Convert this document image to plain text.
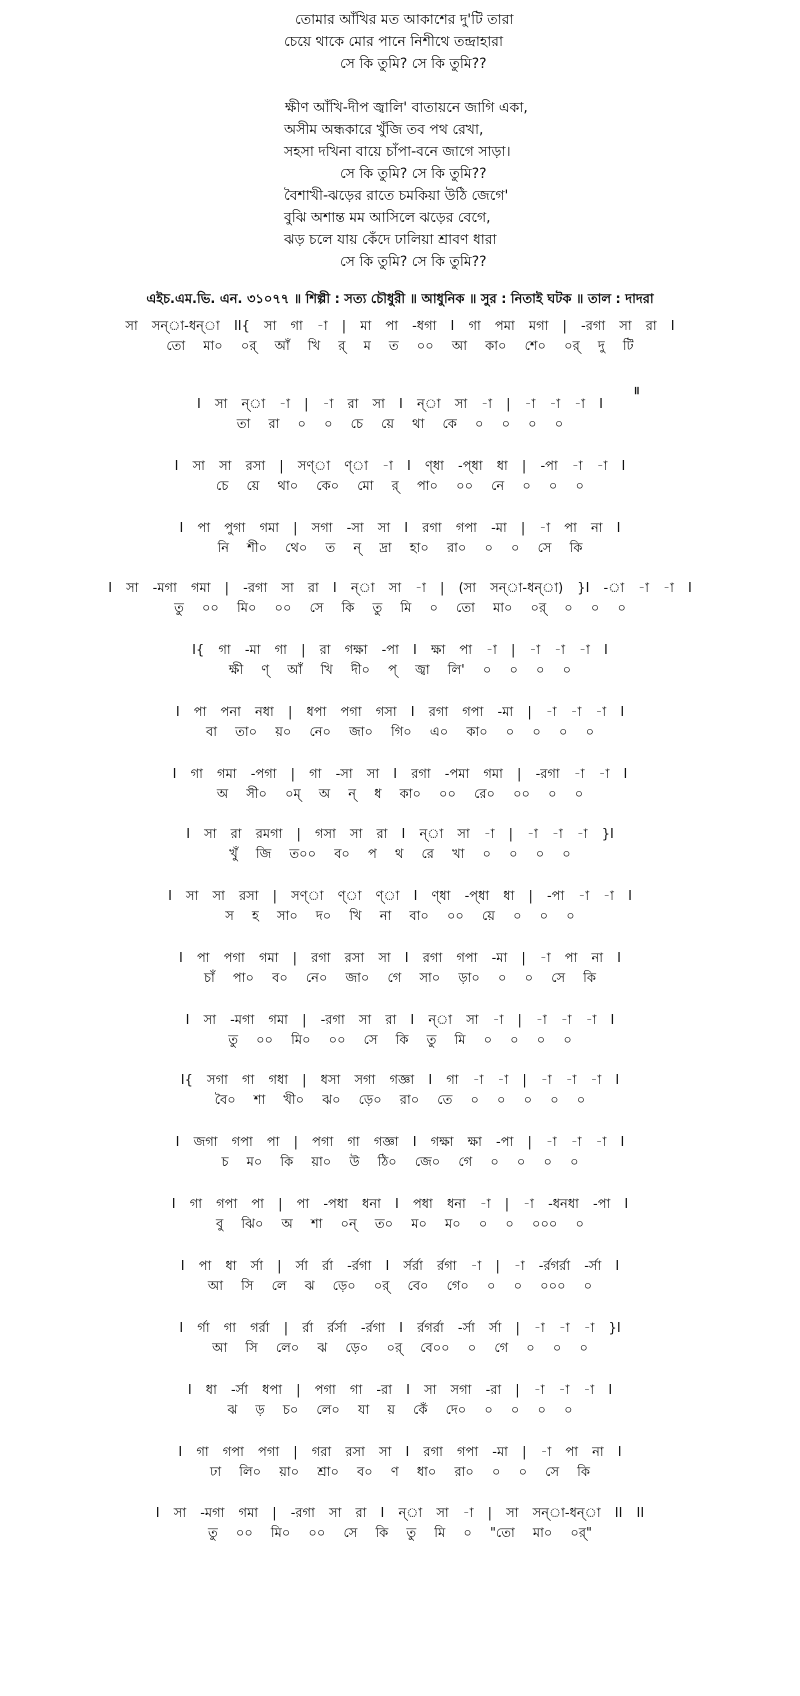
তোমার আঁখির মত আকাশের দু'টি তারা
চেয়ে থাকে মোর পানে নিশীথে তন্দ্রাহারা
সে কি তুমি? সে কি তুমি??
ক্ষীণ আঁখি-দীপ জ্বালি' বাতায়নে জাগি একা,
অসীম অন্ধকারে খুঁজি তব পথ রেখা,
সহসা দখিনা বায়ে চাঁপা-বনে জাগে সাড়া।
সে কি তুমি? সে কি তুমি??
বৈশাখী-ঝড়ের রাতে চমকিয়া উঠি জেগে'
বুঝি অশান্ত মম আসিলে ঝড়ের বেগে,
ঝড় চলে যায় কেঁদে ঢালিয়া শ্রাবণ ধারা
সে কি তুমি? সে কি তুমি??
এইচ.এম.ভি. এন. ৩১০৭৭ ॥ শিল্পী : সত্য চৌধুরী ॥ আধুনিক ॥ সুর : নিতাই ঘটক ॥ তাল : দাদরা
সা সন্া-ধন্া II{ সা গা -া | মা পা -ধগা I গা পমা মগা | -রগা সা রা I
তো মা০ ০র্ আঁ খি র্ ম ত ০০ আ কা০ শে০ ০র্ দু টি
I সা ন্া -া | -া রা সা I ন্া সা -া | -া -া -া I
তা রা ০ ০ চে য়ে থা কে ০ ০ ০ ০
I সা সা রসা | সণ্া ণ্া -া I ণ্ধা -প্ধা ধা | -পা -া -া I
চে য়ে থা০ কে০ মো র্ পা০ ০০ নে ০ ০ ০
I পা পুগা গমা | সগা -সা সা I রগা গপা -মা | -া পা না I
নি শী০ থে০ ত ন্ দ্রা হা০ রা০ ০ ০ সে কি
I সা -মগা গমা | -রগা সা রা I ন্া সা -া | (সা সন্া-ধন্া) }I -া -া -া I
তু ০০ মি০ ০০ সে কি তু মি ০ তো মা০ ০র্ ০ ০ ০
I{ গা -মা গা | রা গক্ষা -পা I ক্ষা পা -া | -া -া -া I
ক্ষী ণ্ আঁ খি দী০ প্ জ্বা লি' ০ ০ ০ ০
I পা পনা নধা | ধপা পগা গসা I রগা গপা -মা | -া -া -া I
বা তা০ য়০ নে০ জা০ গি০ এ০ কা০ ০ ০ ০ ০
I গা গমা -পগা | গা -সা সা I রগা -পমা গমা | -রগা -া -া I
অ সী০ ০ম্ অ ন্ ধ কা০ ০০ রে০ ০০ ০ ০
I সা রা রমগা | গসা সা রা I ন্া সা -া | -া -া -া }I
খুঁ জি ত০০ ব০ প থ রে খা ০ ০ ০ ০
I সা সা রসা | সণ্া ণ্া ণ্া I ণ্ধা -প্ধা ধা | -পা -া -া I
স হ সা০ দ০ খি না বা০ ০০ য়ে ০ ০ ০
I পা পগা গমা | রগা রসা সা I রগা গপা -মা | -া পা না I
চাঁ পা০ ব০ নে০ জা০ গে সা০ ড়া০ ০ ০ সে কি
I সা -মগা গমা | -রগা সা রা I ন্া সা -া | -া -া -া I
তু ০০ মি০ ০০ সে কি তু মি ০ ০ ০ ০
I{ সগা গা গধা | ধসা সগা গজ্ঞা I গা -া -া | -া -া -া I
বৈ০ শা খী০ ঝ০ ড়ে০ রা০ তে ০ ০ ০ ০ ০
I জগা গপা পা | পগা গা গজ্ঞা I গক্ষা ক্ষা -পা | -া -া -া I
চ ম০ কি য়া০ উ ঠি০ জে০ গে ০ ০ ০ ০
I গা গপা পা | পা -পধা ধনা I পধা ধনা -া | -া -ধনধা -পা I
বু ঝি০ অ শা ০ন্ ত০ ম০ ম০ ০ ০ ০০০ ০
I পা ধা র্সা | র্সা র্রা -র্রগা I র্সর্রা র্রগা -া | -া -র্রগর্রা -র্সা I
আ সি লে ঝ ড়ে০ ০র্ বে০ গে০ ০ ০ ০০০ ০
I র্গা গা গর্রা | র্রা র্রর্সা -র্রগা I র্রগর্রা -র্সা র্সা | -া -া -া }I
আ সি লে০ ঝ ড়ে০ ০র্ বে০০ ০ গে ০ ০ ০
I ধা -র্সা ধপা | পগা গা -রা I সা সগা -রা | -া -া -া I
ঝ ড় চ০ লে০ যা য় কেঁ দে০ ০ ০ ০ ০
I গা গপা পগা | গরা রসা সা I রগা গপা -মা | -া পা না I
ঢা লি০ য়া০ শ্রা০ ব০ ণ ধা০ রা০ ০ ০ সে কি
I সা -মগা গমা | -রগা সা রা I ন্া সা -া | সা সন্া-ধন্া II II
তু ০০ মি০ ০০ সে কি তু মি ০ "তো মা০ ০র্"
॥
